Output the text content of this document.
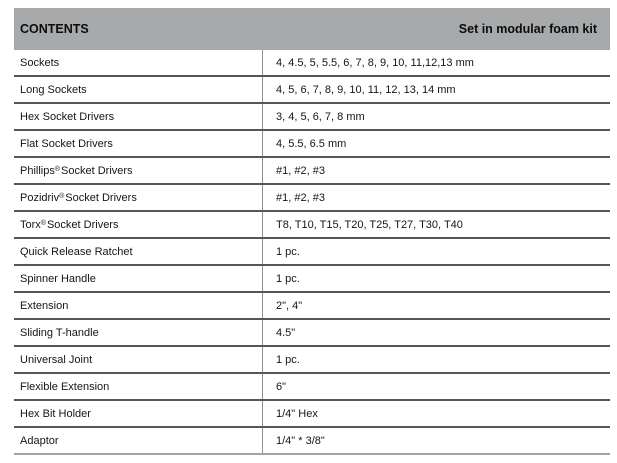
CONTENTS	Set in modular foam kit
Sockets	4, 4.5, 5, 5.5, 6, 7, 8, 9, 10, 11,12,13 mm
Long Sockets	4, 5, 6, 7, 8, 9, 10, 11, 12, 13, 14 mm
Hex Socket Drivers	3, 4, 5, 6, 7, 8 mm
Flat Socket Drivers	4, 5.5, 6.5 mm
Phillips® Socket Drivers	#1, #2, #3
Pozidriv® Socket Drivers	#1, #2, #3
Torx® Socket Drivers	T8, T10, T15, T20, T25, T27, T30, T40
Quick Release Ratchet	1 pc.
Spinner Handle	1 pc.
Extension	2", 4"
Sliding T-handle	4.5"
Universal Joint	1 pc.
Flexible Extension	6"
Hex Bit Holder	1/4" Hex
Adaptor	1/4" * 3/8"
